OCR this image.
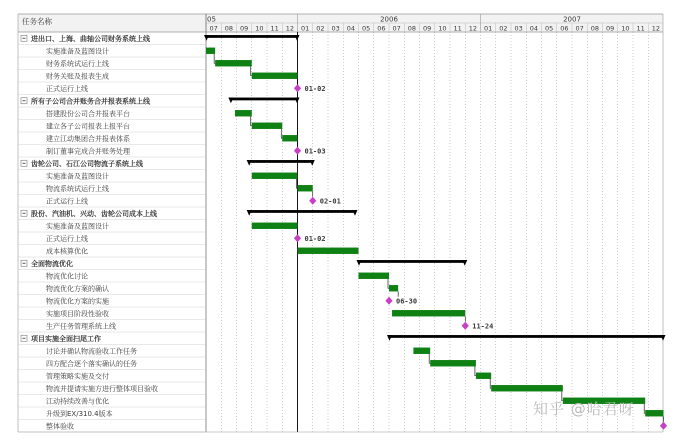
任务名称	05	2006	2007
07 08 09 10 11 12 01 02 03 04 05 06 07 08 09 10 11 12 01 02 03 04 05 06 07 08 09 10 11 12
进出口、上海、曲轴公司财务系统上线
实施准备及蓝图设计
财务系统试运行上线
财务关账及报表生成
正式运行上线	01-02
所有子公司合并账务合并报表系统上线
搭建股份公司合并报表平台
建立各子公司报表上报平台
建立江动集团合并报表体系
制订董事完成合并账务处理	01-03
齿轮公司、石江公司物流子系统上线
实施准备及蓝图设计
物流系统试运行上线
正式运行上线	02-01
股份、汽油机、兴动、齿轮公司成本上线
实施准备及蓝图设计
正式运行上线	01-02
成本核算优化
全面物流优化
物流优化讨论
物流优化方案的确认
物流优化方案的实施	06-30
实施项目阶段性验收
生产任务管理系统上线	11-24
项目实施全面扫尾工作
讨论并确认物流验收工作任务
四方配合逐个落实确认的任务
管理策略实施及交付
物流并提请实施方进行整体项目验收
江动持续改善与优化
升级到EX/310.4版本
整体验收
知乎 @哈君呀
